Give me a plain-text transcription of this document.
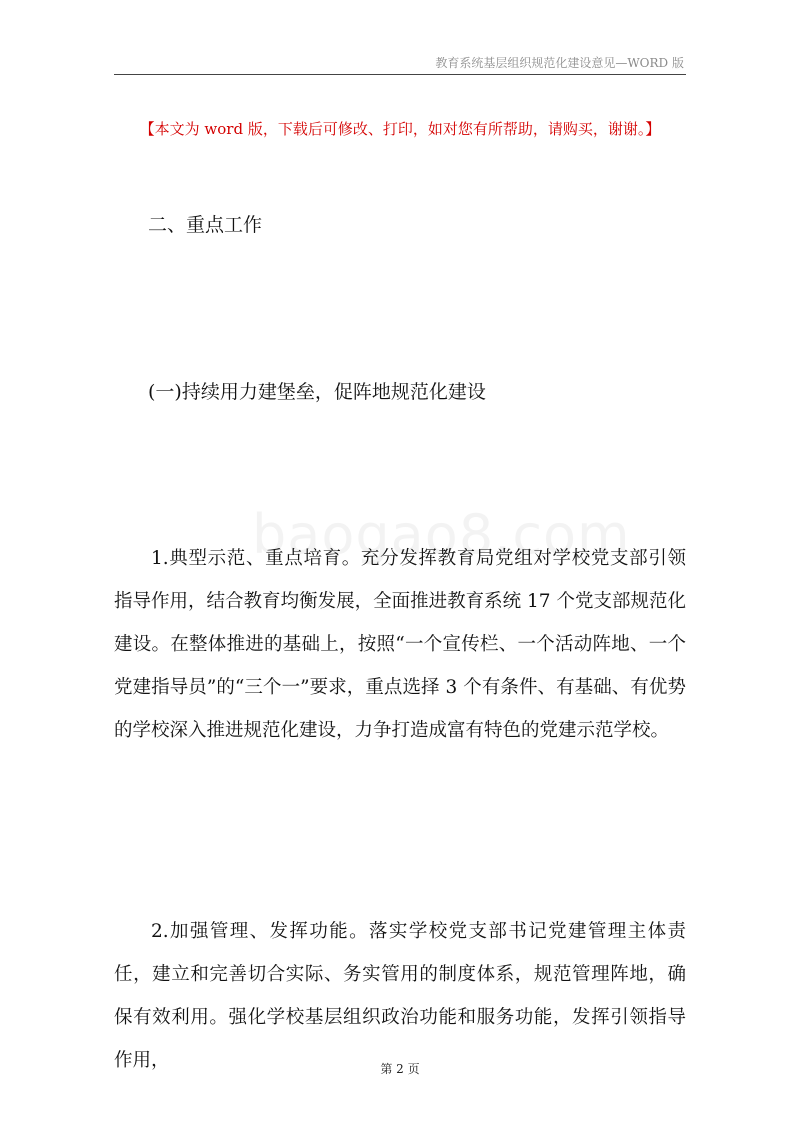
教育系统基层组织规范化建设意见—WORD 版
【本文为 word 版，下载后可修改、打印，如对您有所帮助，请购买，谢谢。】
二、重点工作
(一)持续用力建堡垒，促阵地规范化建设

1.典型示范、重点培育。充分发挥教育局党组对学校党支部引领指导作用，结合教育均衡发展，全面推进教育系统 17 个党支部规范化建设。在整体推进的基础上，按照“一个宣传栏、一个活动阵地、一个党建指导员”的“三个一”要求，重点选择 3 个有条件、有基础、有优势的学校深入推进规范化建设，力争打造成富有特色的党建示范学校。

2.加强管理、发挥功能。落实学校党支部书记党建管理主体责任，建立和完善切合实际、务实管用的制度体系，规范管理阵地，确保有效利用。强化学校基层组织政治功能和服务功能，发挥引领指导作用，	第 2 页
